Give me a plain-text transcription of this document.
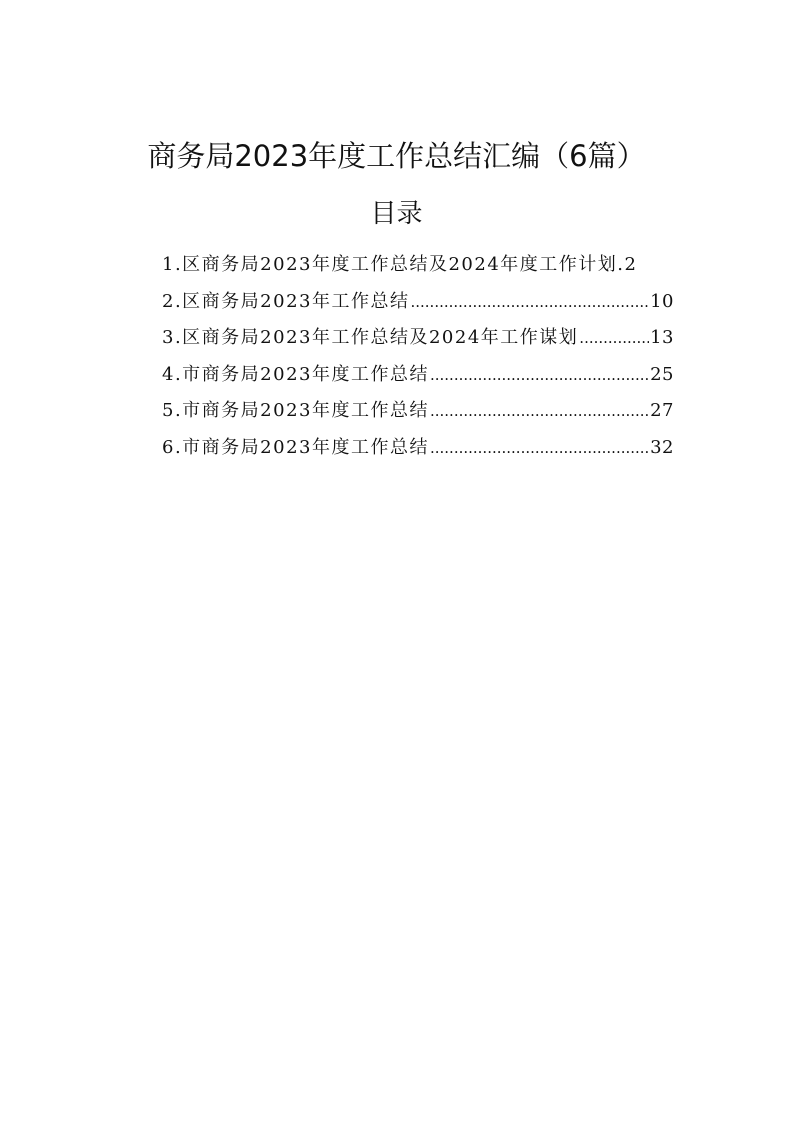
商务局2023年度工作总结汇编（6篇）
目录
1.区商务局2023年度工作总结及2024年度工作计划 . 2
2.区商务局2023年工作总结 .....	10
3.区商务局2023年工作总结及2024年工作谋划 .....	13
4.市商务局2023年度工作总结 .....	25
5.市商务局2023年度工作总结 .....	27
6.市商务局2023年度工作总结 .....	32
